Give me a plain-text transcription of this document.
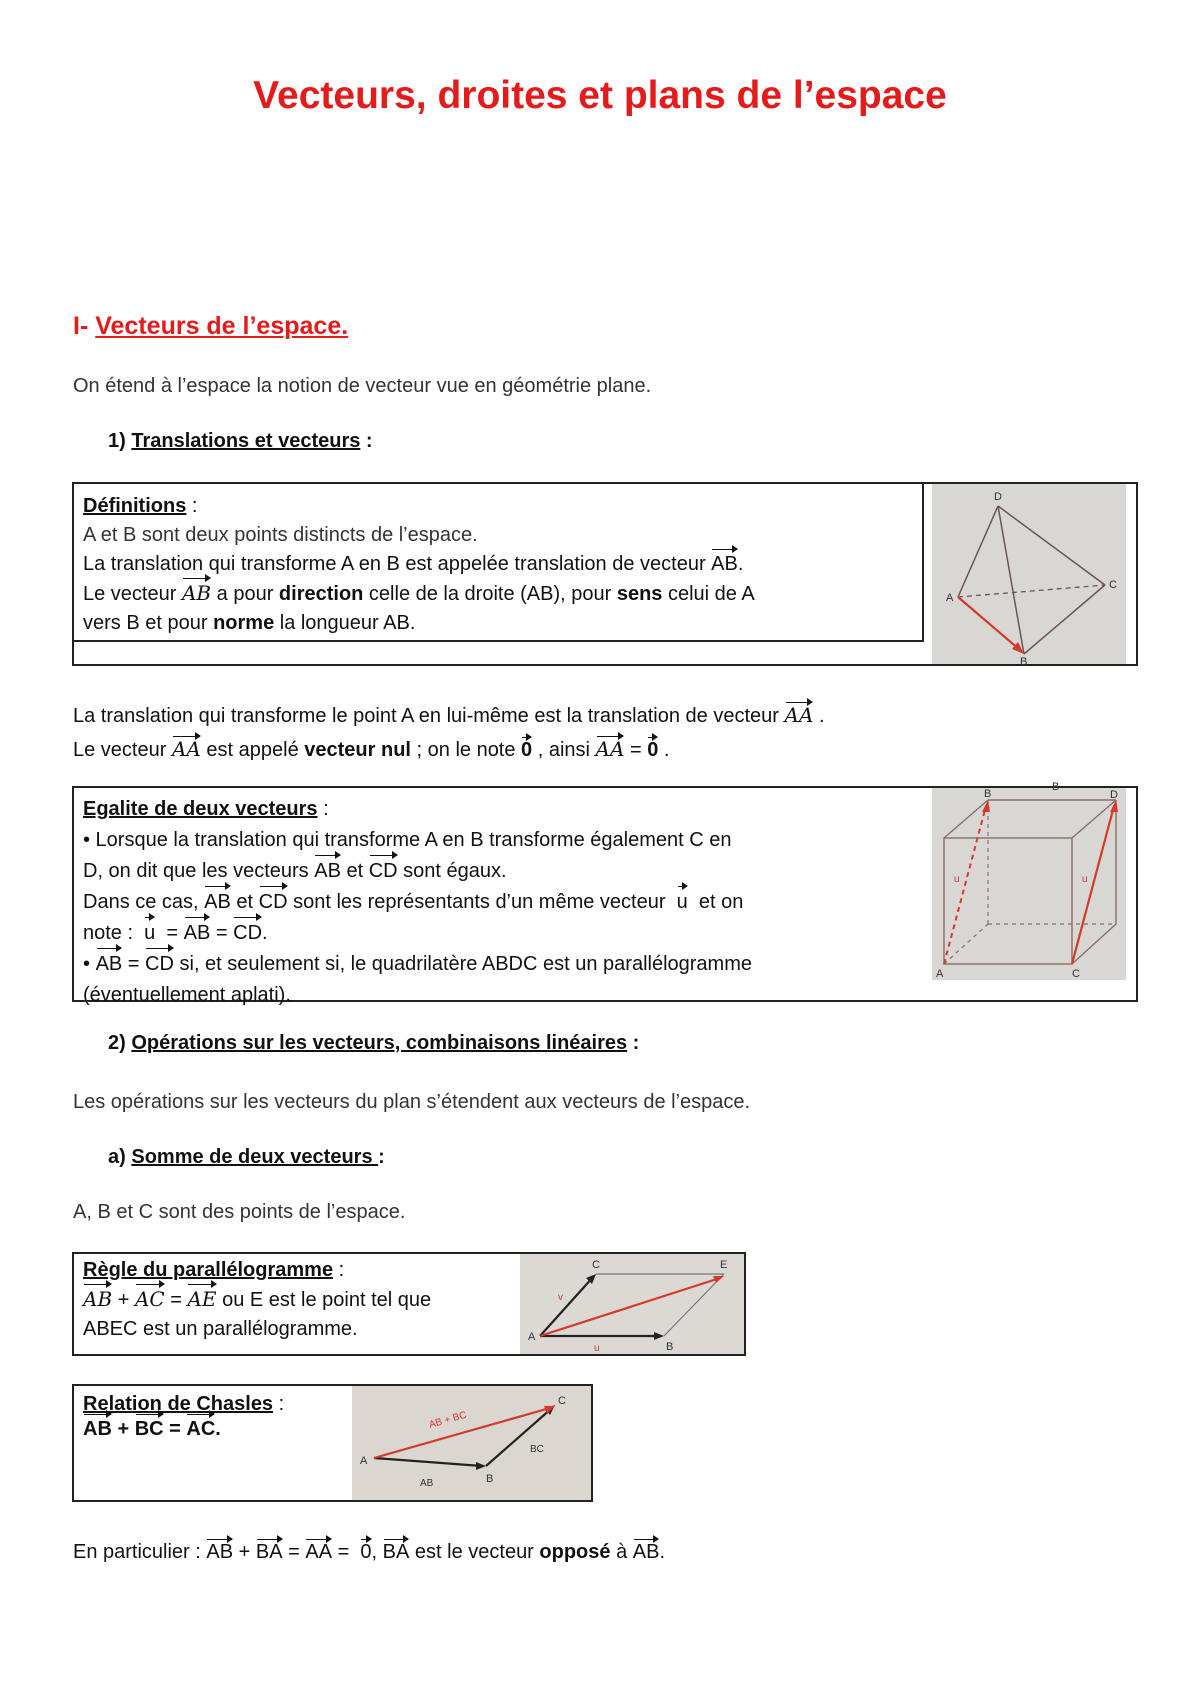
Vecteurs, droites et plans de l’espace
I- Vecteurs de l’espace.
On étend à l’espace la notion de vecteur vue en géométrie plane.
1) Translations et vecteurs :
Définitions :
A et B sont deux points distincts de l’espace.
La translation qui transforme A en B est appelée translation de vecteur AB.
Le vecteur AB a pour direction celle de la droite (AB), pour sens celui de A
vers B et pour norme la longueur AB.
D
A
B
C
La translation qui transforme le point A en lui-même est la translation de vecteur AA .
Le vecteur AA est appelé vecteur nul ; on le note 0 , ainsi AA = 0 .
Egalite de deux vecteurs :
• Lorsque la translation qui transforme A en B transforme également C en
D, on dit que les vecteurs AB et CD sont égaux.
Dans ce cas, AB et CD sont les représentants d’un même vecteur  u  et on
note :  u  = AB = CD.
• AB = CD si, et seulement si, le quadrilatère ABDC est un parallélogramme
(éventuellement aplati).
B
B
D
A	C
u	u
2) Opérations sur les vecteurs, combinaisons linéaires :
Les opérations sur les vecteurs du plan s’étendent aux vecteurs de l’espace.
a) Somme de deux vecteurs :
A, B et C sont des points de l’espace.
Règle du parallélogramme :
AB + AC = AE ou E est le point tel que
ABEC est un parallélogramme.
C
A
B
E
v
u
Relation de Chasles :
AB + BC = AC.
A
B
C
AB
BC
AB + BC
En particulier : AB + BA = AA =  0, BA est le vecteur opposé à AB.
